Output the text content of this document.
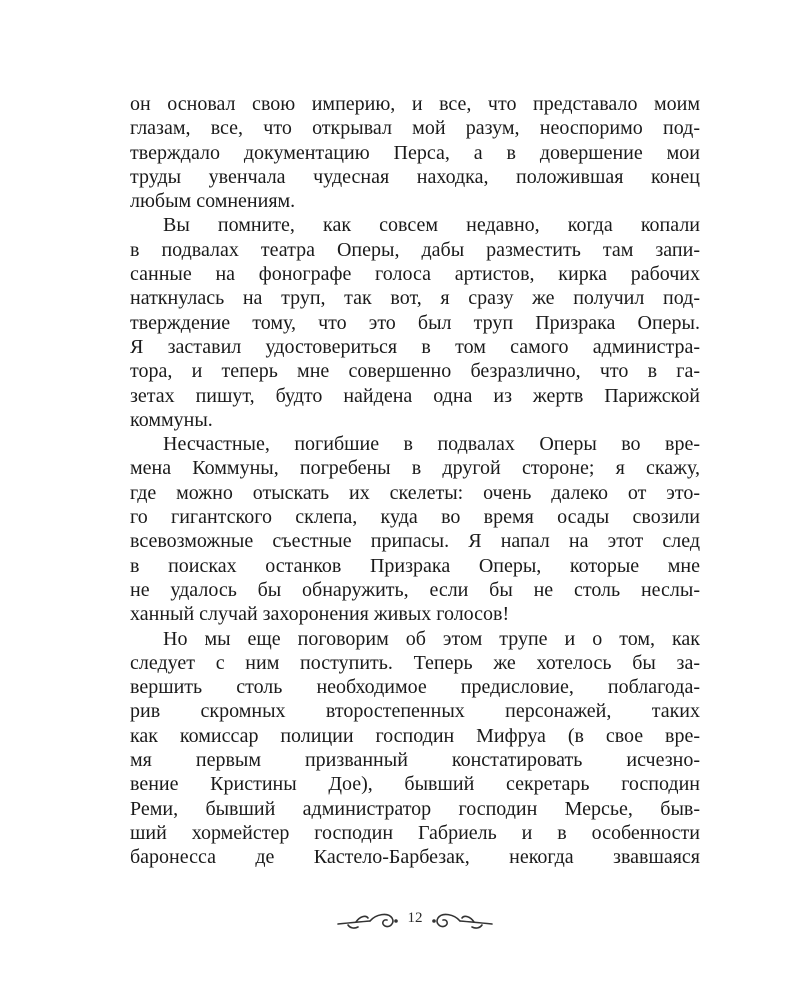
он основал свою империю, и все, что представало моим
глазам, все, что открывал мой разум, неоспоримо под-
тверждало документацию Перса, а в довершение мои
труды увенчала чудесная находка, положившая конец
любым сомнениям.
Вы помните, как совсем недавно, когда копали
в подвалах театра Оперы, дабы разместить там запи-
санные на фонографе голоса артистов, кирка рабочих
наткнулась на труп, так вот, я сразу же получил под-
тверждение тому, что это был труп Призрака Оперы.
Я заставил удостовериться в том самого администра-
тора, и теперь мне совершенно безразлично, что в га-
зетах пишут, будто найдена одна из жертв Парижской
коммуны.
Несчастные, погибшие в подвалах Оперы во вре-
мена Коммуны, погребены в другой стороне; я скажу,
где можно отыскать их скелеты: очень далеко от это-
го гигантского склепа, куда во время осады свозили
всевозможные съестные припасы. Я напал на этот след
в поисках останков Призрака Оперы, которые мне
не удалось бы обнаружить, если бы не столь неслы-
ханный случай захоронения живых голосов!
Но мы еще поговорим об этом трупе и о том, как
следует с ним поступить. Теперь же хотелось бы за-
вершить столь необходимое предисловие, поблагода-
рив скромных второстепенных персонажей, таких
как комиссар полиции господин Мифруа (в свое вре-
мя первым призванный констатировать исчезно-
вение Кристины Дое), бывший секретарь господин
Реми, бывший администратор господин Мерсье, быв-
ший хормейстер господин Габриель и в особенности
баронесса де Кастело-Барбезак, некогда звавшаяся
12
